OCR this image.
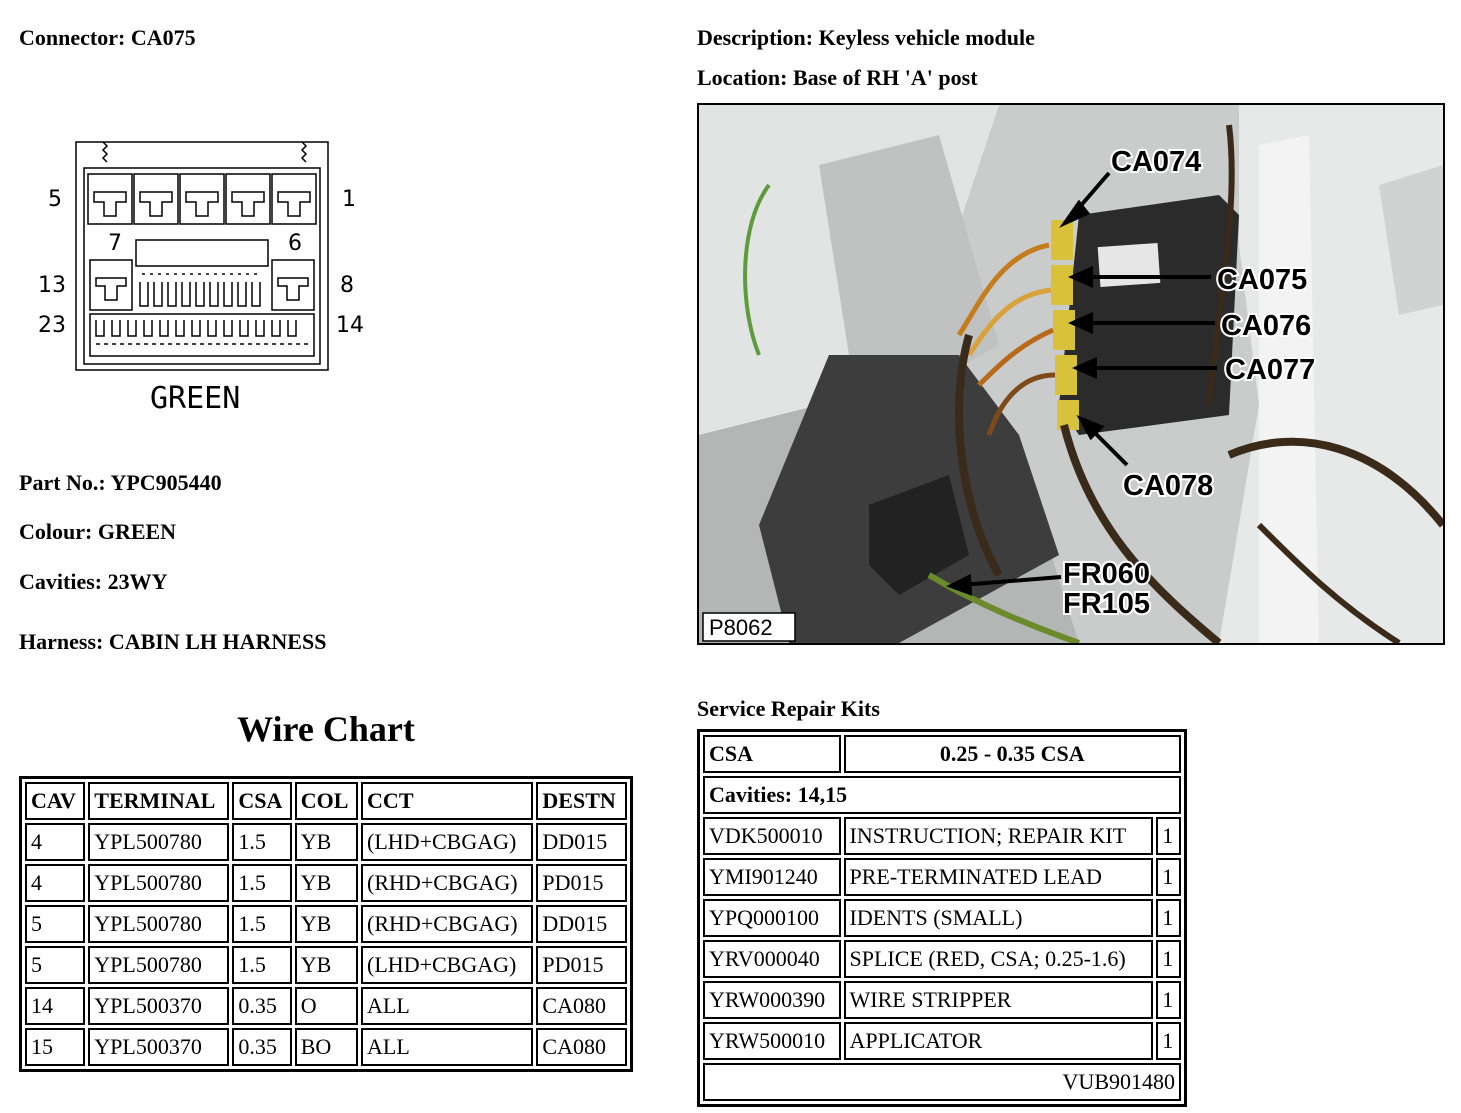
Connector: CA075	Description: Keyless vehicle module
Location: Base of RH 'A' post
5	1
7	6
13	8
23	14
GREEN
Part No.: YPC905440
Colour: GREEN
Cavities: 23WY
Harness: CABIN LH HARNESS
CA074
CA075
CA076
CA077
CA078
FR060
FR105
P8062
Wire Chart
CAV	TERMINAL	CSA	COL	CCT	DESTN
4	YPL500780	1.5	YB	(LHD+CBGAG)	DD015
4	YPL500780	1.5	YB	(RHD+CBGAG)	PD015
5	YPL500780	1.5	YB	(RHD+CBGAG)	DD015
5	YPL500780	1.5	YB	(LHD+CBGAG)	PD015
14	YPL500370	0.35	O	ALL	CA080
15	YPL500370	0.35	BO	ALL	CA080
Service Repair Kits
CSA	0.25 - 0.35 CSA	
Cavities: 14,15		
VDK500010	INSTRUCTION; REPAIR KIT	1
YMI901240	PRE-TERMINATED LEAD	1
YPQ000100	IDENTS (SMALL)	1
YRV000040	SPLICE (RED, CSA; 0.25-1.6)	1
YRW000390	WIRE STRIPPER	1
YRW500010	APPLICATOR	1
VUB901480		
